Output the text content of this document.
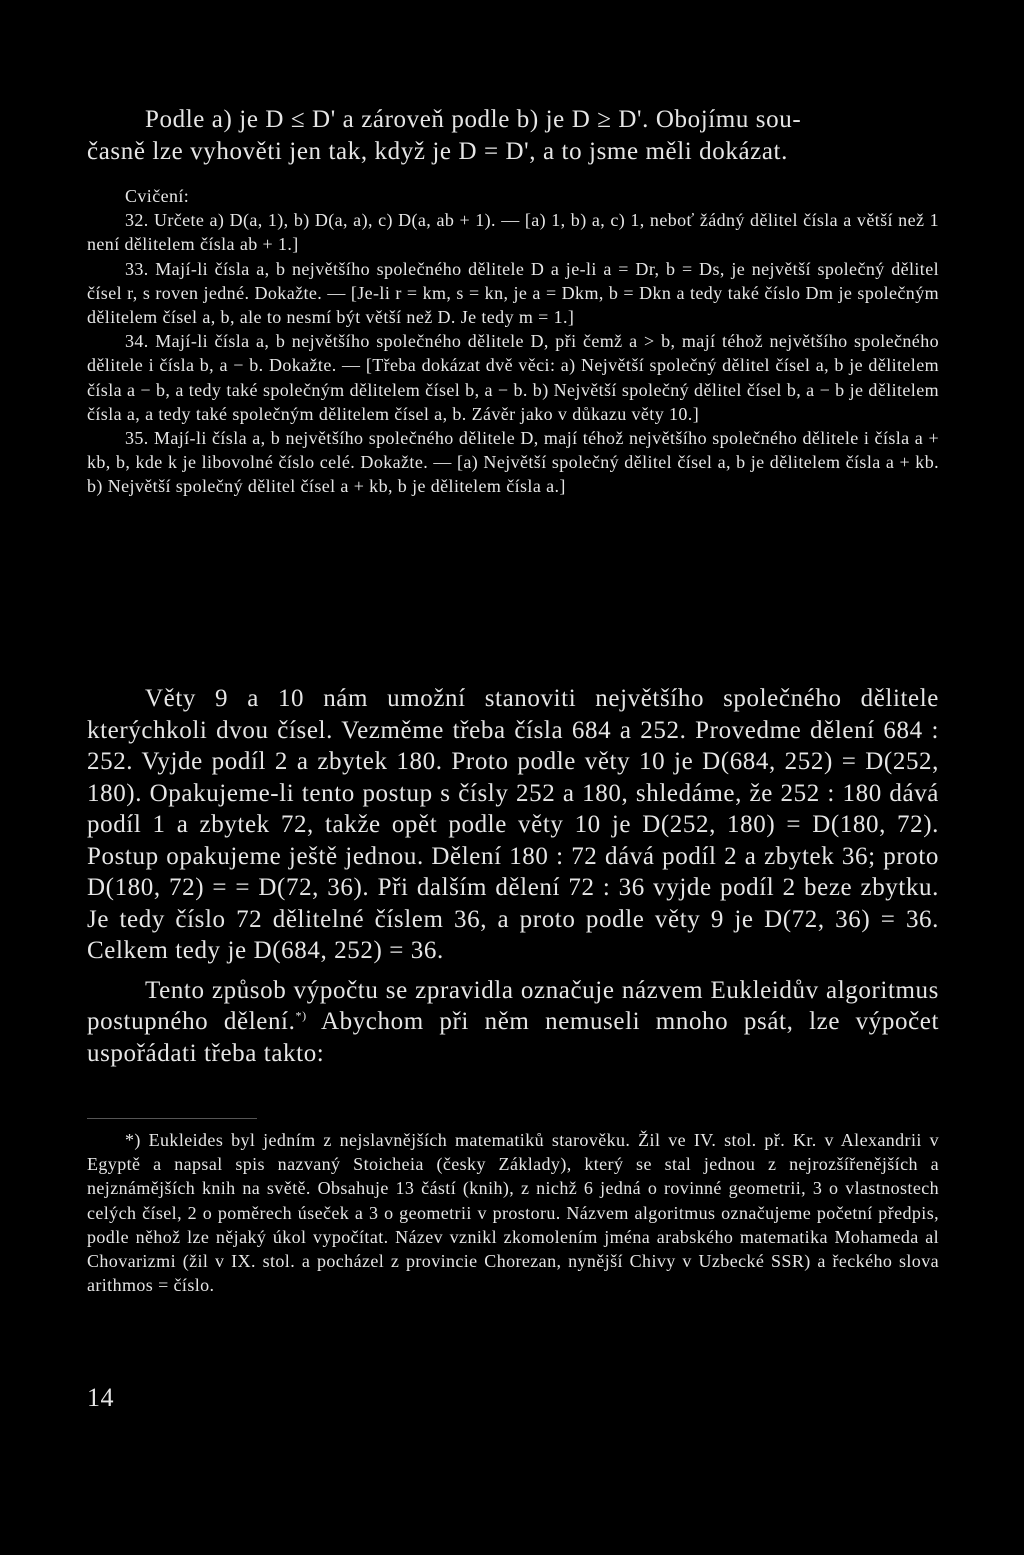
Podle a) je D ≤ D' a zároveň podle b) je D ≥ D'. Obojímu sou-

časně lze vyhověti jen tak, když je D = D', a to jsme měli dokázat.

Cvičení:

32. Určete a) D(a, 1), b) D(a, a), c) D(a, ab + 1). — [a) 1, b) a, c) 1, neboť žádný dělitel čísla a větší než 1 není dělitelem čísla ab + 1.]

33. Mají-li čísla a, b největšího společného dělitele D a je-li a = Dr, b = Ds, je největší společný dělitel čísel r, s roven jedné. Dokažte. — [Je-li r = km, s = kn, je a = Dkm, b = Dkn a tedy také číslo Dm je společným dělitelem čísel a, b, ale to nesmí být větší než D. Je tedy m = 1.]

34. Mají-li čísla a, b největšího společného dělitele D, při čemž a > b, mají téhož největšího společného dělitele i čísla b, a − b. Dokažte. — [Třeba dokázat dvě věci: a) Největší společný dělitel čísel a, b je dělitelem čísla a − b, a tedy také společným dělitelem čísel b, a − b. b) Největší společný dělitel čísel b, a − b je dělitelem čísla a, a tedy také společným dělitelem čísel a, b. Závěr jako v důkazu věty 10.]

35. Mají-li čísla a, b největšího společného dělitele D, mají téhož největšího společného dělitele i čísla a + kb, b, kde k je libovolné číslo celé. Dokažte. — [a) Největší společný dělitel čísel a, b je dělitelem čísla a + kb. b) Největší společný dělitel čísel a + kb, b je dělitelem čísla a.]

Věty 9 a 10 nám umožní stanoviti největšího společného dělitele kterýchkoli dvou čísel. Vezměme třeba čísla 684 a 252. Provedme dělení 684 : 252. Vyjde podíl 2 a zbytek 180. Proto podle věty 10 je D(684, 252) = D(252, 180). Opakujeme-li tento postup s čísly 252 a 180, shledáme, že 252 : 180 dává podíl 1 a zbytek 72, takže opět podle věty 10 je D(252, 180) = D(180, 72). Postup opakujeme ještě jednou. Dělení 180 : 72 dává podíl 2 a zbytek 36; proto D(180, 72) = = D(72, 36). Při dalším dělení 72 : 36 vyjde podíl 2 beze zbytku. Je tedy číslo 72 dělitelné číslem 36, a proto podle věty 9 je D(72, 36) = 36. Celkem tedy je D(684, 252) = 36.

Tento způsob výpočtu se zpravidla označuje názvem Eukleidův algoritmus postupného dělení.*) Abychom při něm nemuseli mnoho psát, lze výpočet uspořádati třeba takto:

*) Eukleides byl jedním z nejslavnějších matematiků starověku. Žil ve IV. stol. př. Kr. v Alexandrii v Egyptě a napsal spis nazvaný Stoicheia (česky Základy), který se stal jednou z nejrozšířenějších a nejznámějších knih na světě. Obsahuje 13 částí (knih), z nichž 6 jedná o rovinné geometrii, 3 o vlastnostech celých čísel, 2 o poměrech úseček a 3 o geometrii v prostoru. Názvem algoritmus označujeme početní předpis, podle něhož lze nějaký úkol vypočítat. Název vznikl zkomolením jména arabského matematika Mohameda al Chovarizmi (žil v IX. stol. a pocházel z provincie Chorezan, nynější Chivy v Uzbecké SSR) a řeckého slova arithmos = číslo.

14
